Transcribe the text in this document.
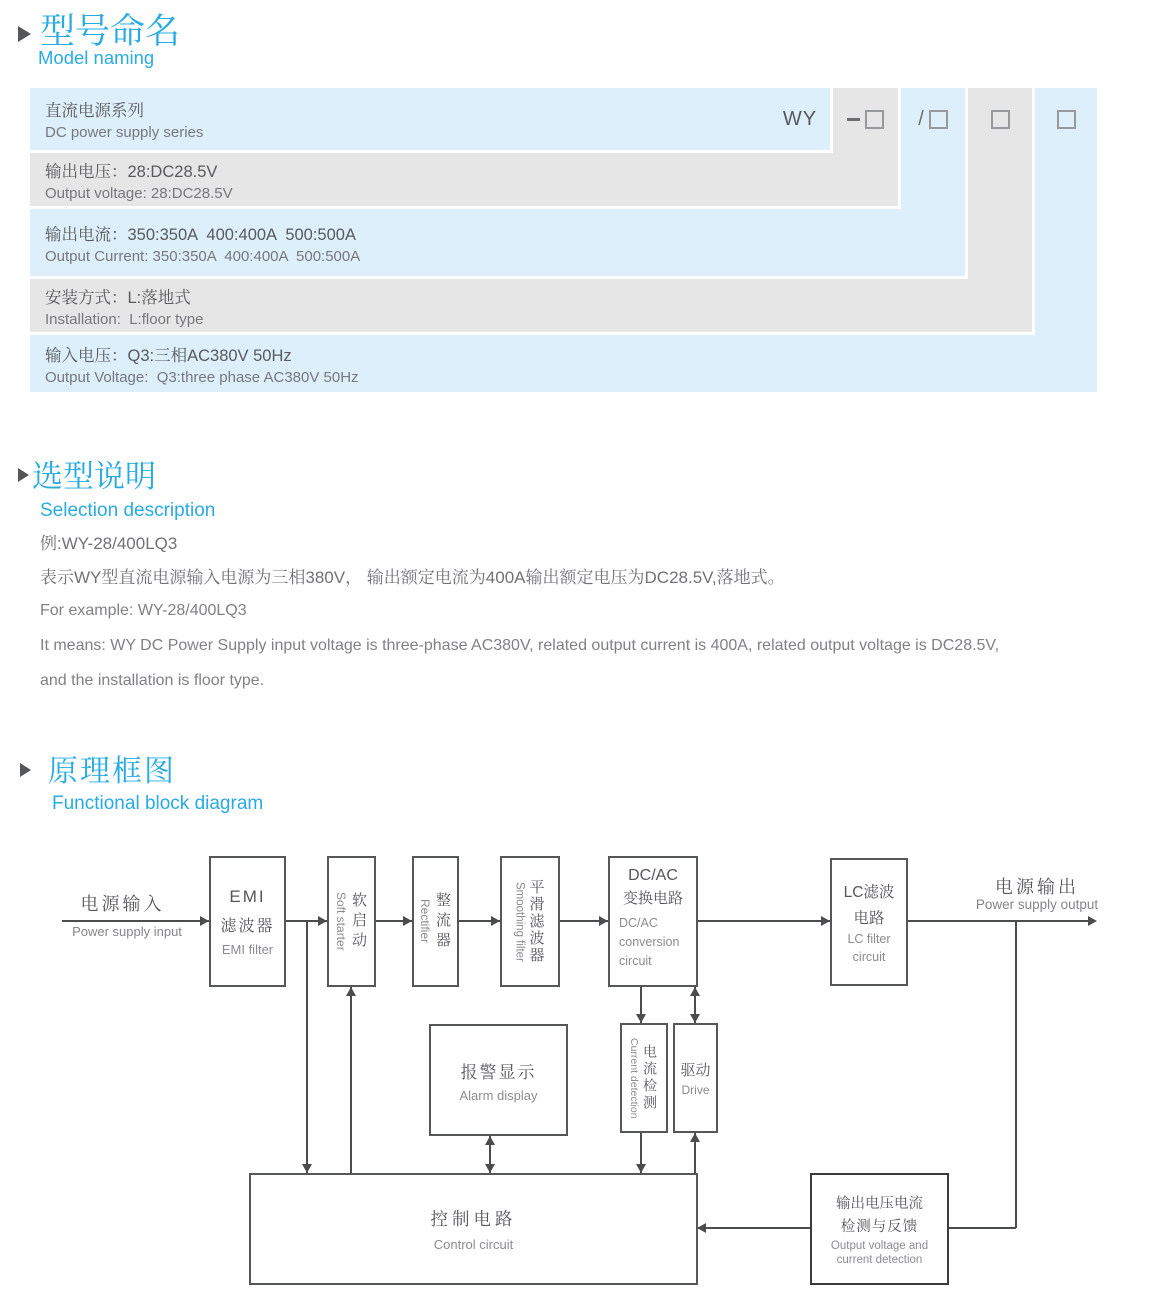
型号命名
Model naming
直流电源系列
DC power supply series
输出电压：28:DC28.5V
Output voltage: 28:DC28.5V
输出电流：350:350A  400:400A  500:500A
Output Current: 350:350A  400:400A  500:500A
安装方式：L:落地式
Installation:  L:floor type
输入电压：Q3:三相AC380V 50Hz
Output Voltage:  Q3:three phase AC380V 50Hz
WY	/
选型说明
Selection description
例:WY-28/400LQ3
表示WY型直流电源输入电源为三相380V， 输出额定电流为400A输出额定电压为DC28.5V,落地式。
For example: WY-28/400LQ3
It means: WY DC Power Supply input voltage is three-phase AC380V, related output current is 400A, related output voltage is DC28.5V,
and the installation is floor type.
原理框图
Functional block diagram
电源输入
Power supply input
电源输出
Power supply output
EMI
滤波器
EMI filter	Soft starter 软启动	Rectifier 整流器	Smoothing filter 平滑滤波器
DC/AC
变换电路
DC/AC
conversion
circuit
LC滤波
电路
LC filter
circuit
报警显示
Alarm display	Current detection 电流检测 驱动
Drive
控制电路
Control circuit
输出电压电流
检测与反馈
Output voltage and
current detection
